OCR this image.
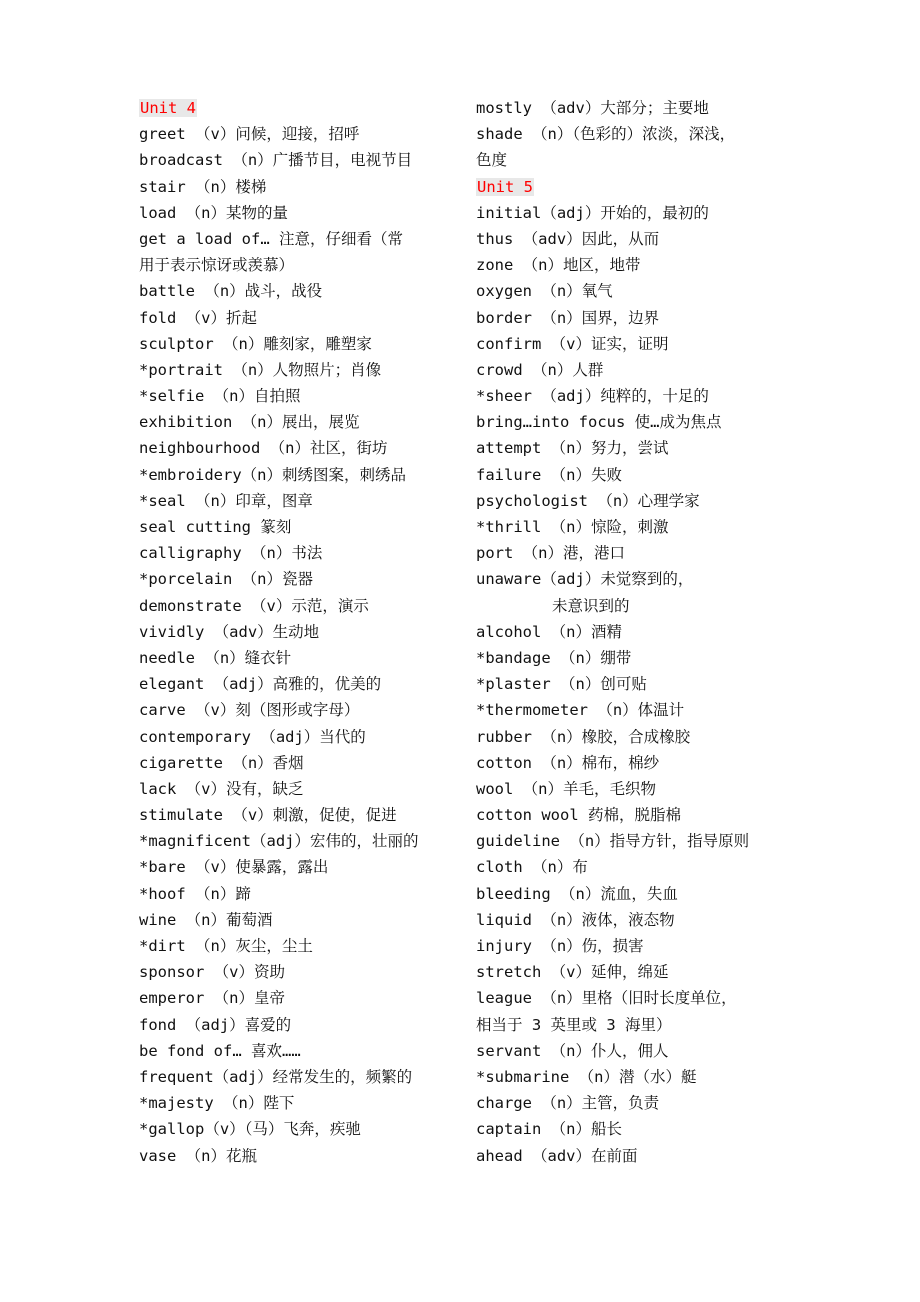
Unit 4
greet （v）问候，迎接，招呼
broadcast （n）广播节目，电视节目
stair （n）楼梯
load （n）某物的量
get a load of… 注意，仔细看（常
用于表示惊讶或羡慕）
battle （n）战斗，战役
fold （v）折起
sculptor （n）雕刻家，雕塑家
*portrait （n）人物照片；肖像
*selfie （n）自拍照
exhibition （n）展出，展览
neighbourhood （n）社区，街坊
*embroidery（n）刺绣图案，刺绣品
*seal （n）印章，图章
seal cutting 篆刻
calligraphy （n）书法
*porcelain （n）瓷器
demonstrate （v）示范，演示
vividly （adv）生动地
needle （n）缝衣针
elegant （adj）高雅的，优美的
carve （v）刻（图形或字母）
contemporary （adj）当代的
cigarette （n）香烟
lack （v）没有，缺乏
stimulate （v）刺激，促使，促进
*magnificent（adj）宏伟的，壮丽的
*bare （v）使暴露，露出
*hoof （n）蹄
wine （n）葡萄酒
*dirt （n）灰尘，尘土
sponsor （v）资助
emperor （n）皇帝
fond （adj）喜爱的
be fond of… 喜欢……
frequent（adj）经常发生的，频繁的
*majesty （n）陛下
*gallop（v）（马）飞奔，疾驰
vase （n）花瓶
mostly （adv）大部分；主要地
shade （n）（色彩的）浓淡，深浅，
色度
Unit 5
initial（adj）开始的，最初的
thus （adv）因此，从而
zone （n）地区，地带
oxygen （n）氧气
border （n）国界，边界
confirm （v）证实，证明
crowd （n）人群
*sheer （adj）纯粹的，十足的
bring…into focus 使…成为焦点
attempt （n）努力，尝试
failure （n）失败
psychologist （n）心理学家
*thrill （n）惊险，刺激
port （n）港，港口
unaware（adj）未觉察到的，
未意识到的
alcohol （n）酒精
*bandage （n）绷带
*plaster （n）创可贴
*thermometer （n）体温计
rubber （n）橡胶，合成橡胶
cotton （n）棉布，棉纱
wool （n）羊毛，毛织物
cotton wool 药棉，脱脂棉
guideline （n）指导方针，指导原则
cloth （n）布
bleeding （n）流血，失血
liquid （n）液体，液态物
injury （n）伤，损害
stretch （v）延伸，绵延
league （n）里格（旧时长度单位，
相当于 3 英里或 3 海里）
servant （n）仆人，佣人
*submarine （n）潜（水）艇
charge （n）主管，负责
captain （n）船长
ahead （adv）在前面
